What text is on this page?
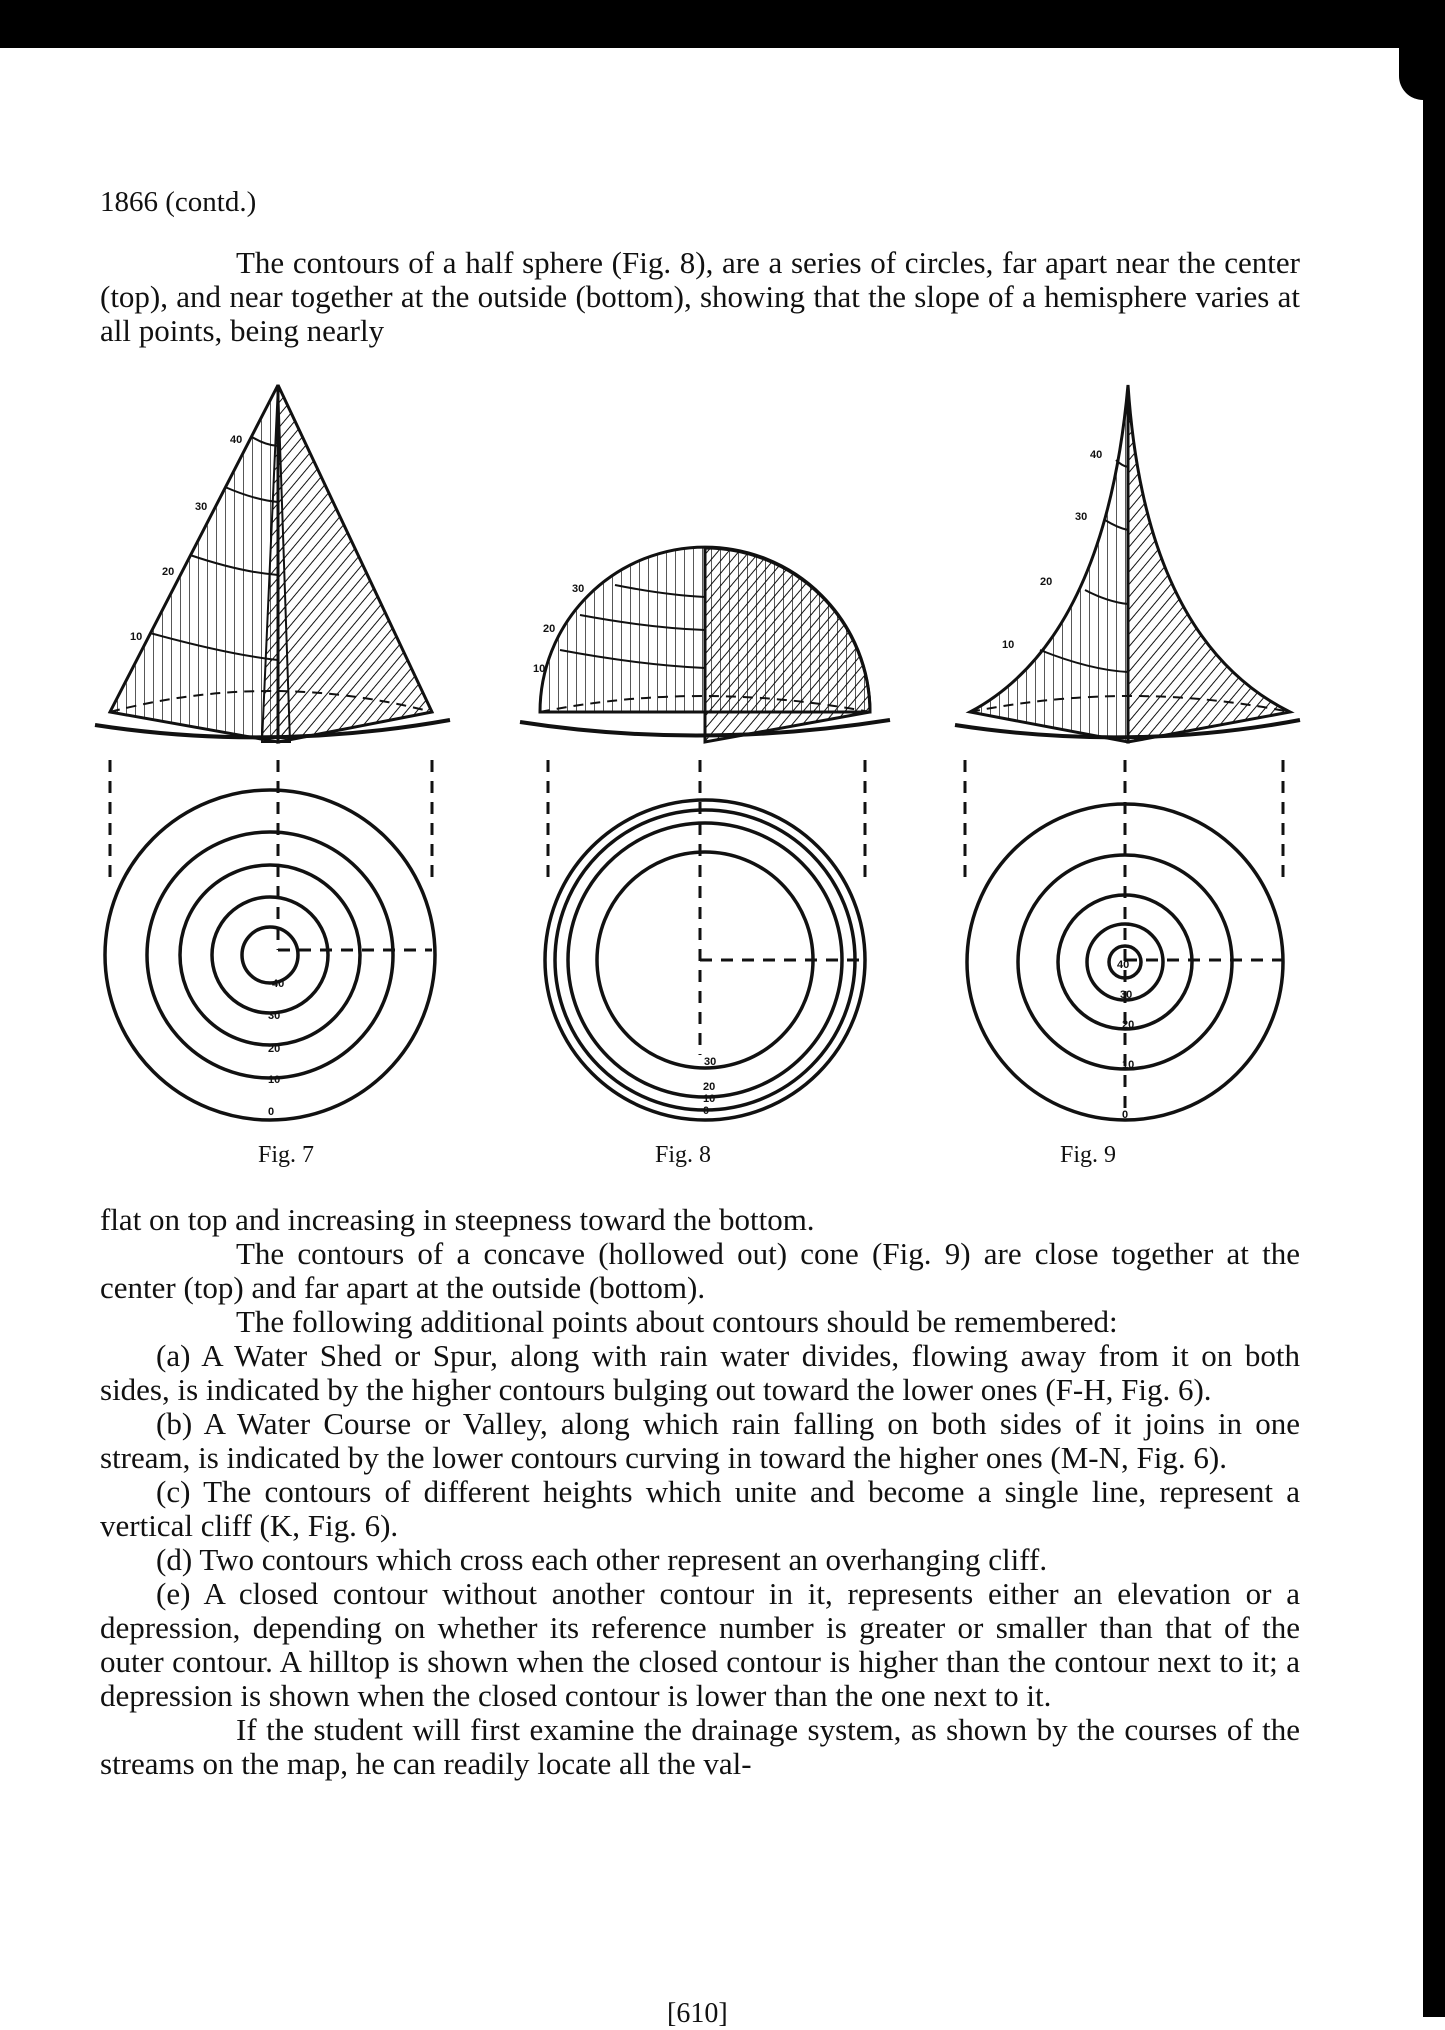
1866 (contd.)

The contours of a half sphere (Fig. 8), are a series of circles, far apart near the center (top), and near together at the outside (bottom), showing that the slope of a hemisphere varies at all points, being nearly

40
30
20
10
40
30
20
10
0
30
20
10
30
20
10
0
40
30
20
10
40
30
20
10
0
Fig. 7	Fig. 8	Fig. 9

flat on top and increasing in steepness toward the bottom.

The contours of a concave (hollowed out) cone (Fig. 9) are close together at the center (top) and far apart at the outside (bottom).

The following additional points about contours should be remembered:

(a) A Water Shed or Spur, along with rain water divides, flowing away from it on both sides, is indicated by the higher contours bulging out toward the lower ones (F-H, Fig. 6).

(b) A Water Course or Valley, along which rain falling on both sides of it joins in one stream, is indicated by the lower contours curving in toward the higher ones (M-N, Fig. 6).

(c) The contours of different heights which unite and become a single line, represent a vertical cliff (K, Fig. 6).

(d) Two contours which cross each other represent an overhanging cliff.

(e) A closed contour without another contour in it, represents either an elevation or a depression, depending on whether its reference number is greater or smaller than that of the outer contour. A hilltop is shown when the closed contour is higher than the contour next to it; a depression is shown when the closed contour is lower than the one next to it.

If the student will first examine the drainage system, as shown by the courses of the streams on the map, he can readily locate all the val-

[610]
